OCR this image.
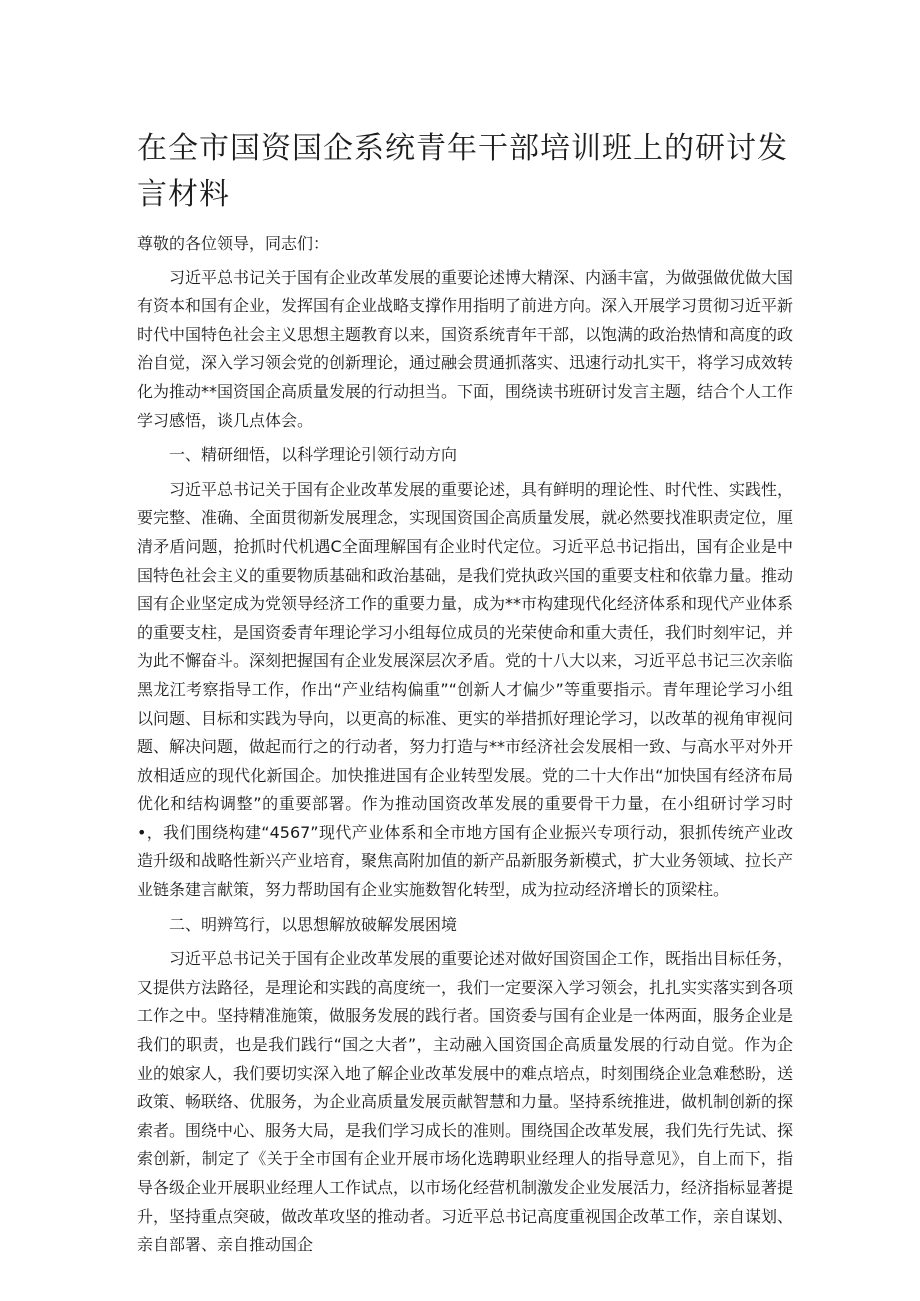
在全市国资国企系统青年干部培训班上的研讨发言材料

尊敬的各位领导，同志们：

习近平总书记关于国有企业改革发展的重要论述博大精深、内涵丰富，为做强做优做大国有资本和国有企业，发挥国有企业战略支撑作用指明了前进方向。深入开展学习贯彻习近平新时代中国特色社会主义思想主题教育以来，国资系统青年干部，以饱满的政治热情和高度的政治自觉，深入学习领会党的创新理论，通过融会贯通抓落实、迅速行动扎实干，将学习成效转化为推动**国资国企高质量发展的行动担当。下面，围绕读书班研讨发言主题，结合个人工作学习感悟，谈几点体会。

一、精研细悟，以科学理论引领行动方向

习近平总书记关于国有企业改革发展的重要论述，具有鲜明的理论性、时代性、实践性，要完整、准确、全面贯彻新发展理念，实现国资国企高质量发展，就必然要找准职责定位，厘清矛盾问题，抢抓时代机遇C全面理解国有企业时代定位。习近平总书记指出，国有企业是中国特色社会主义的重要物质基础和政治基础，是我们党执政兴国的重要支柱和依靠力量。推动国有企业坚定成为党领导经济工作的重要力量，成为**市构建现代化经济体系和现代产业体系的重要支柱，是国资委青年理论学习小组每位成员的光荣使命和重大责任，我们时刻牢记，并为此不懈奋斗。深刻把握国有企业发展深层次矛盾。党的十八大以来，习近平总书记三次亲临黑龙江考察指导工作，作出“产业结构偏重”“创新人才偏少”等重要指示。青年理论学习小组以问题、目标和实践为导向，以更高的标准、更实的举措抓好理论学习，以改革的视角审视问题、解决问题，做起而行之的行动者，努力打造与**市经济社会发展相一致、与高水平对外开放相适应的现代化新国企。加快推进国有企业转型发展。党的二十大作出“加快国有经济布局优化和结构调整”的重要部署。作为推动国资改革发展的重要骨干力量，在小组研讨学习时•，我们围绕构建“4567”现代产业体系和全市地方国有企业振兴专项行动，狠抓传统产业改造升级和战略性新兴产业培育，聚焦高附加值的新产品新服务新模式，扩大业务领域、拉长产业链条建言献策，努力帮助国有企业实施数智化转型，成为拉动经济增长的顶梁柱。

二、明辨笃行，以思想解放破解发展困境

习近平总书记关于国有企业改革发展的重要论述对做好国资国企工作，既指出目标任务，又提供方法路径，是理论和实践的高度统一，我们一定要深入学习领会，扎扎实实落实到各项工作之中。坚持精准施策，做服务发展的践行者。国资委与国有企业是一体两面，服务企业是我们的职责，也是我们践行“国之大者”，主动融入国资国企高质量发展的行动自觉。作为企业的娘家人，我们要切实深入地了解企业改革发展中的难点培点，时刻围绕企业急难愁盼，送政策、畅联络、优服务，为企业高质量发展贡献智慧和力量。坚持系统推进，做机制创新的探索者。围绕中心、服务大局，是我们学习成长的准则。围绕国企改革发展，我们先行先试、探索创新，制定了《关于全市国有企业开展市场化选聘职业经理人的指导意见》，自上而下，指导各级企业开展职业经理人工作试点，以市场化经营机制激发企业发展活力，经济指标显著提升，坚持重点突破，做改革攻坚的推动者。习近平总书记高度重视国企改革工作，亲自谋划、亲自部署、亲自推动国企
